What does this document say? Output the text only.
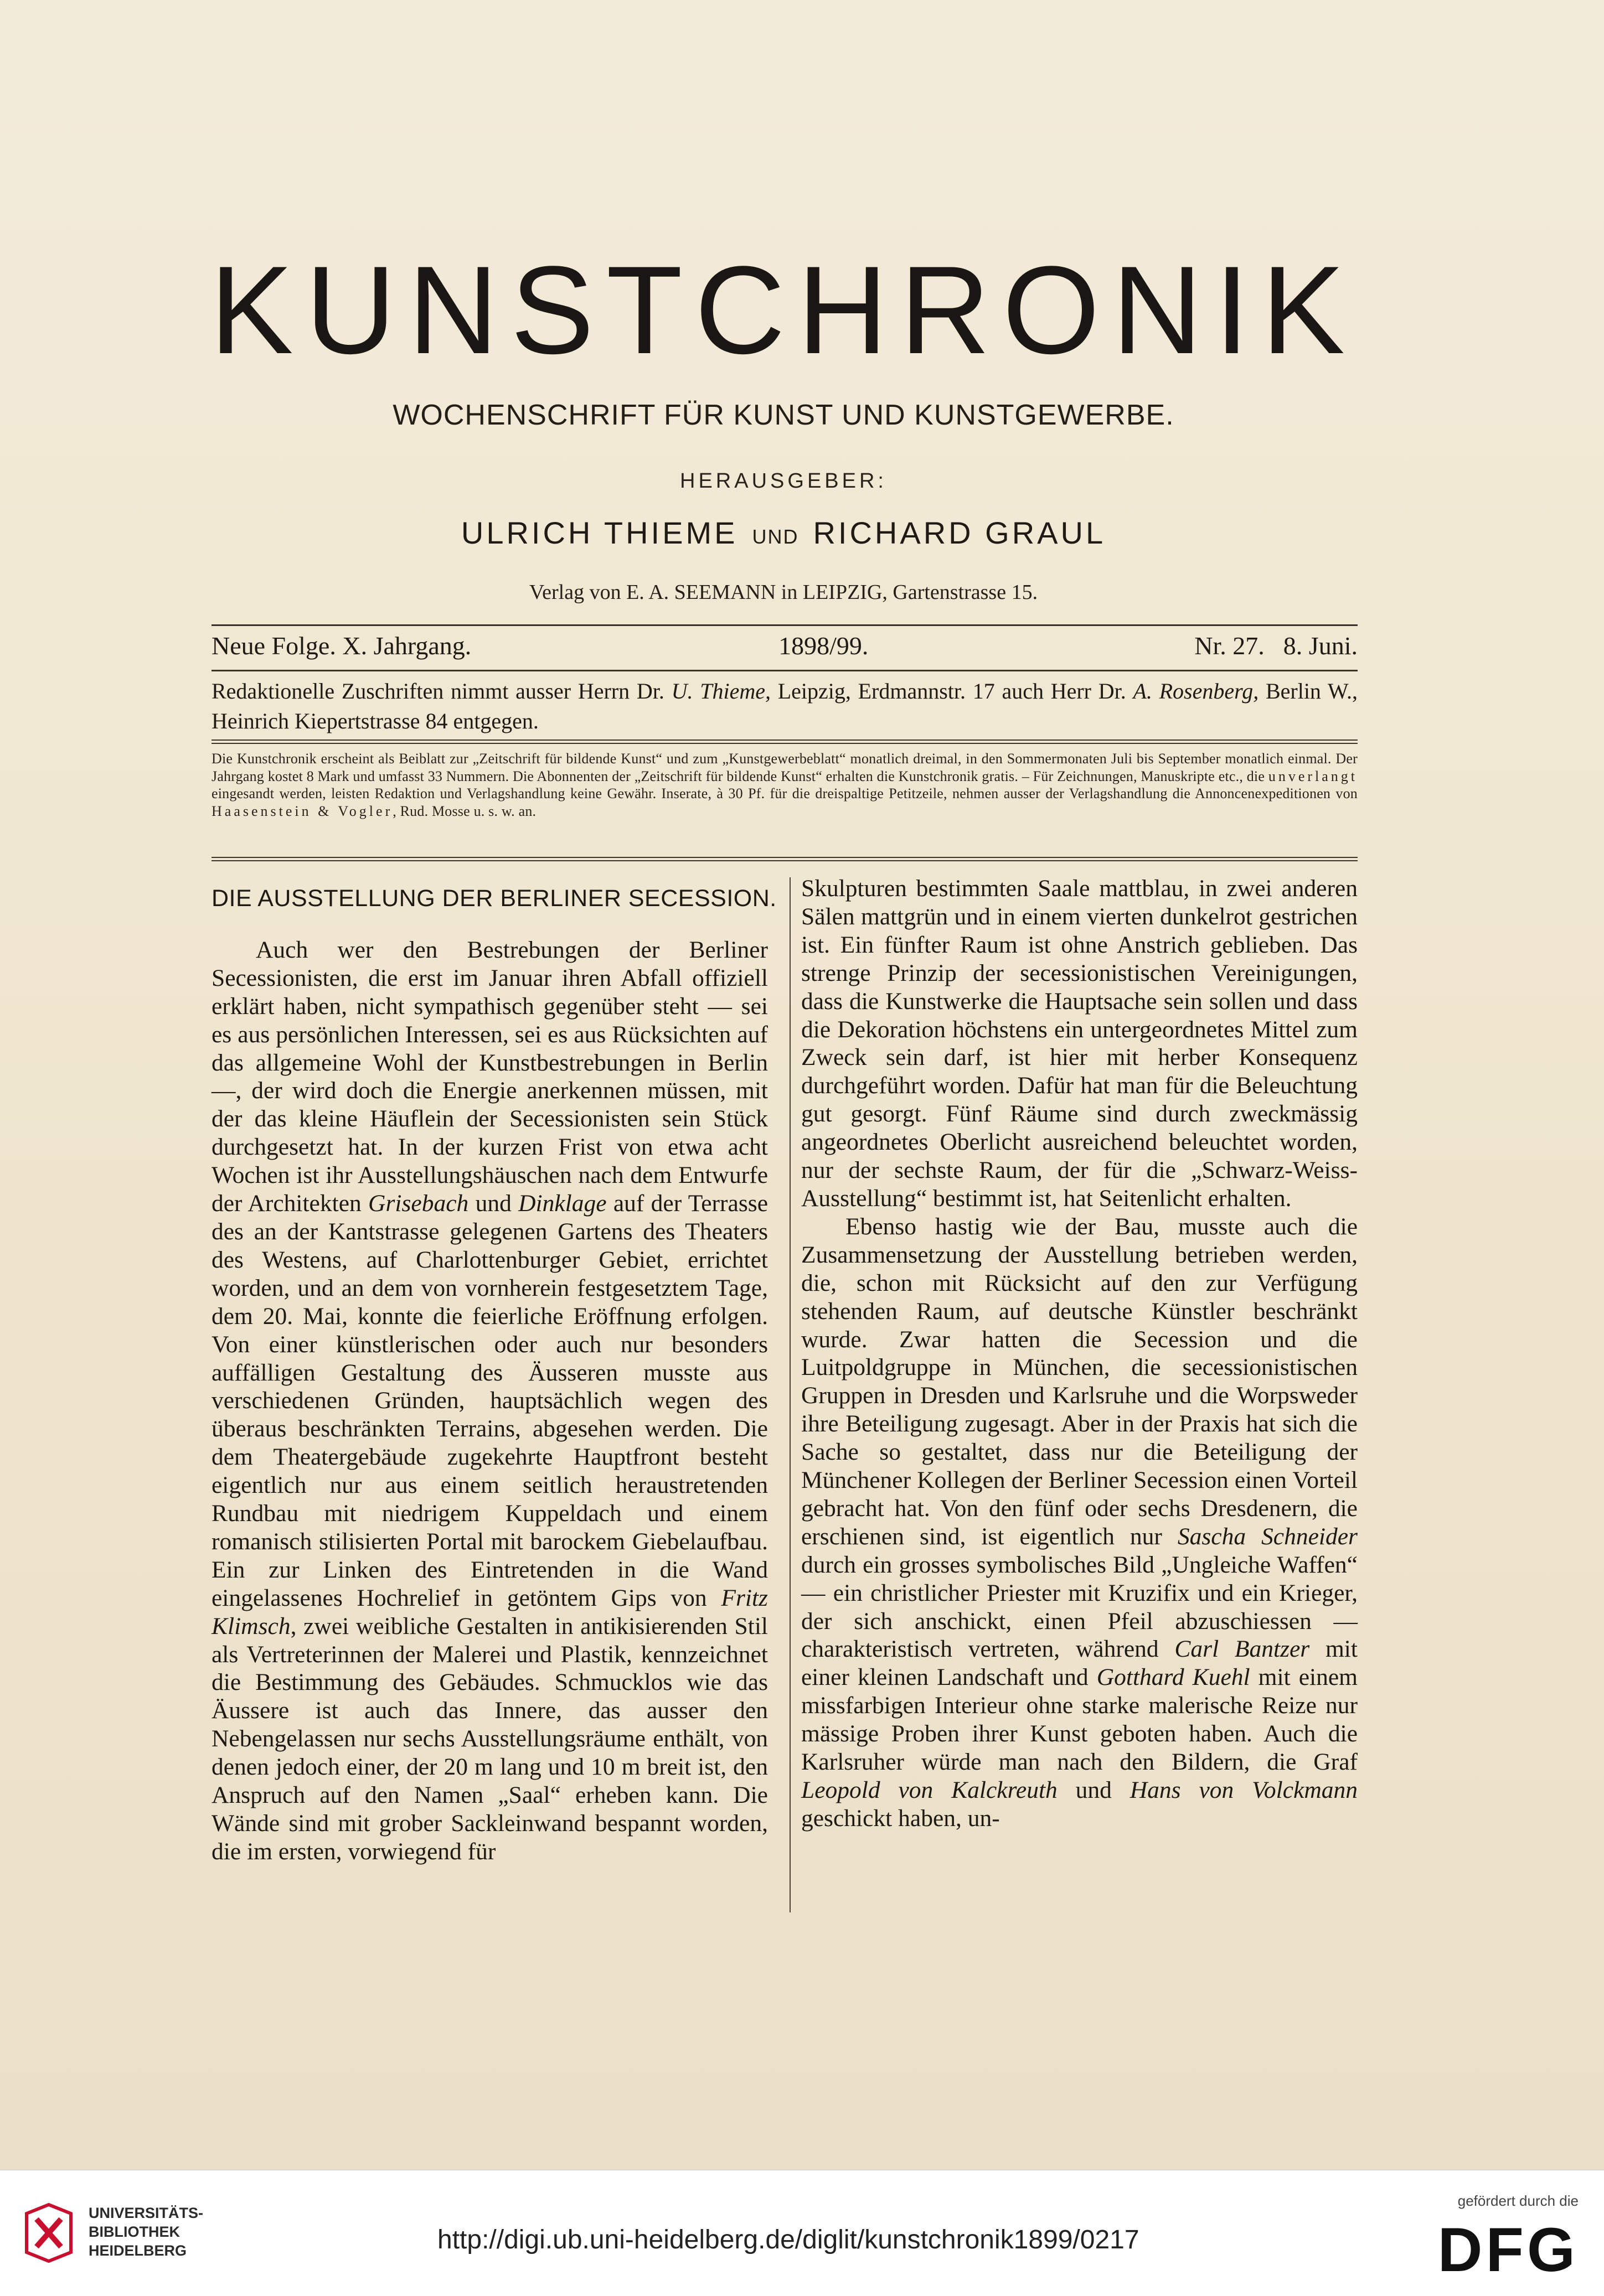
KUNSTCHRONIK
WOCHENSCHRIFT FÜR KUNST UND KUNSTGEWERBE.
HERAUSGEBER:
ULRICH THIEME UND RICHARD GRAUL
Verlag von E. A. SEEMANN in LEIPZIG, Gartenstrasse 15.
Neue Folge. X. Jahrgang.	1898/99.	Nr. 27. 8. Juni.
Redaktionelle Zuschriften nimmt ausser Herrn Dr. U. Thieme, Leipzig, Erdmannstr. 17 auch Herr Dr. A. Rosenberg, Berlin W., Heinrich Kiepertstrasse 84 entgegen.
Die Kunstchronik erscheint als Beiblatt zur „Zeitschrift für bildende Kunst“ und zum „Kunstgewerbeblatt“ monatlich dreimal, in den Sommermonaten Juli bis September monatlich einmal. Der Jahrgang kostet 8 Mark und umfasst 33 Nummern. Die Abonnenten der „Zeitschrift für bildende Kunst“ erhalten die Kunstchronik gratis. – Für Zeichnungen, Manuskripte etc., die unverlangt eingesandt werden, leisten Redaktion und Verlagshandlung keine Gewähr. Inserate, à 30 Pf. für die dreispaltige Petitzeile, nehmen ausser der Verlagshandlung die Annoncenexpeditionen von Haasenstein & Vogler, Rud. Mosse u. s. w. an.
DIE AUSSTELLUNG DER BERLINER SECESSION.

Auch wer den Bestrebungen der Berliner Secessionisten, die erst im Januar ihren Abfall offiziell erklärt haben, nicht sympathisch gegenüber steht — sei es aus persönlichen Interessen, sei es aus Rücksichten auf das allgemeine Wohl der Kunstbestrebungen in Berlin —, der wird doch die Energie anerkennen müssen, mit der das kleine Häuflein der Secessionisten sein Stück durchgesetzt hat. In der kurzen Frist von etwa acht Wochen ist ihr Ausstellungshäuschen nach dem Entwurfe der Architekten Grisebach und Dinklage auf der Terrasse des an der Kantstrasse gelegenen Gartens des Theaters des Westens, auf Charlottenburger Gebiet, errichtet worden, und an dem von vornherein festgesetztem Tage, dem 20. Mai, konnte die feierliche Eröffnung erfolgen. Von einer künstlerischen oder auch nur besonders auffälligen Gestaltung des Äusseren musste aus verschiedenen Gründen, hauptsächlich wegen des überaus beschränkten Terrains, abgesehen werden. Die dem Theatergebäude zugekehrte Hauptfront besteht eigentlich nur aus einem seitlich heraustretenden Rundbau mit niedrigem Kuppeldach und einem romanisch stilisierten Portal mit barockem Giebelaufbau. Ein zur Linken des Eintretenden in die Wand eingelassenes Hochrelief in getöntem Gips von Fritz Klimsch, zwei weibliche Gestalten in antikisierenden Stil als Vertreterinnen der Malerei und Plastik, kennzeichnet die Bestimmung des Gebäudes. Schmucklos wie das Äussere ist auch das Innere, das ausser den Nebengelassen nur sechs Ausstellungsräume enthält, von denen jedoch einer, der 20 m lang und 10 m breit ist, den Anspruch auf den Namen „Saal“ erheben kann. Die Wände sind mit grober Sackleinwand bespannt worden, die im ersten, vorwiegend für

Skulpturen bestimmten Saale mattblau, in zwei anderen Sälen mattgrün und in einem vierten dunkelrot gestrichen ist. Ein fünfter Raum ist ohne Anstrich geblieben. Das strenge Prinzip der secessionistischen Vereinigungen, dass die Kunstwerke die Hauptsache sein sollen und dass die Dekoration höchstens ein untergeordnetes Mittel zum Zweck sein darf, ist hier mit herber Konsequenz durchgeführt worden. Dafür hat man für die Beleuchtung gut gesorgt. Fünf Räume sind durch zweckmässig angeordnetes Oberlicht ausreichend beleuchtet worden, nur der sechste Raum, der für die „Schwarz-Weiss-Ausstellung“ bestimmt ist, hat Seitenlicht erhalten.

Ebenso hastig wie der Bau, musste auch die Zusammensetzung der Ausstellung betrieben werden, die, schon mit Rücksicht auf den zur Verfügung stehenden Raum, auf deutsche Künstler beschränkt wurde. Zwar hatten die Secession und die Luitpoldgruppe in München, die secessionistischen Gruppen in Dresden und Karlsruhe und die Worpsweder ihre Beteiligung zugesagt. Aber in der Praxis hat sich die Sache so gestaltet, dass nur die Beteiligung der Münchener Kollegen der Berliner Secession einen Vorteil gebracht hat. Von den fünf oder sechs Dresdenern, die erschienen sind, ist eigentlich nur Sascha Schneider durch ein grosses symbolisches Bild „Ungleiche Waffen“ — ein christlicher Priester mit Kruzifix und ein Krieger, der sich anschickt, einen Pfeil abzuschiessen — charakteristisch vertreten, während Carl Bantzer mit einer kleinen Landschaft und Gotthard Kuehl mit einem missfarbigen Interieur ohne starke malerische Reize nur mässige Proben ihrer Kunst geboten haben. Auch die Karlsruher würde man nach den Bildern, die Graf Leopold von Kalckreuth und Hans von Volckmann geschickt haben, un-

UNIVERSITÄTS-
BIBLIOTHEK
HEIDELBERG	http://digi.ub.uni-heidelberg.de/diglit/kunstchronik1899/0217
gefördert durch die
DFG
